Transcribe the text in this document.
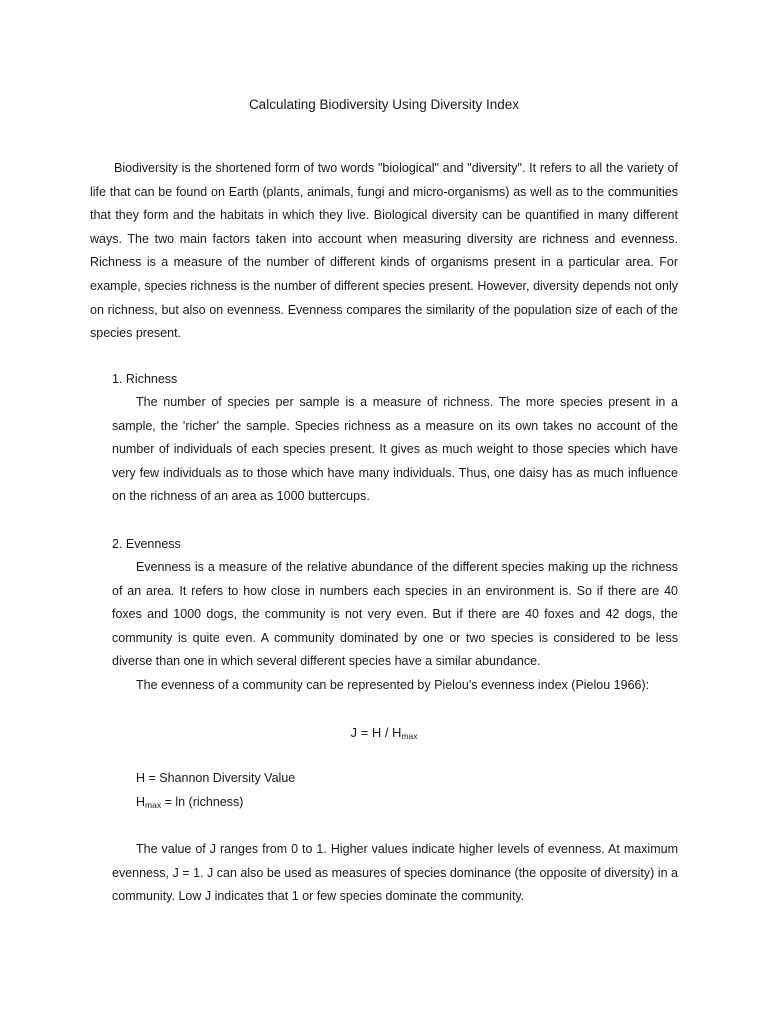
Calculating Biodiversity Using Diversity Index

Biodiversity is the shortened form of two words "biological" and "diversity". It refers to all the variety of life that can be found on Earth (plants, animals, fungi and micro-organisms) as well as to the communities that they form and the habitats in which they live. Biological diversity can be quantified in many different ways. The two main factors taken into account when measuring diversity are richness and evenness. Richness is a measure of the number of different kinds of organisms present in a particular area. For example, species richness is the number of different species present. However, diversity depends not only on richness, but also on evenness. Evenness compares the similarity of the population size of each of the species present.

1. Richness

The number of species per sample is a measure of richness. The more species present in a sample, the 'richer' the sample. Species richness as a measure on its own takes no account of the number of individuals of each species present. It gives as much weight to those species which have very few individuals as to those which have many individuals. Thus, one daisy has as much influence on the richness of an area as 1000 buttercups.

2. Evenness

Evenness is a measure of the relative abundance of the different species making up the richness of an area. It refers to how close in numbers each species in an environment is. So if there are 40 foxes and 1000 dogs, the community is not very even. But if there are 40 foxes and 42 dogs, the community is quite even. A community dominated by one or two species is considered to be less diverse than one in which several different species have a similar abundance.

The evenness of a community can be represented by Pielou's evenness index (Pielou 1966):

$J = H / H_{max}$

H = Shannon Diversity Value

$H_{max} = \ln$ (richness)

The value of J ranges from 0 to 1. Higher values indicate higher levels of evenness. At maximum evenness, J = 1. J can also be used as measures of species dominance (the opposite of diversity) in a community. Low J indicates that 1 or few species dominate the community.
